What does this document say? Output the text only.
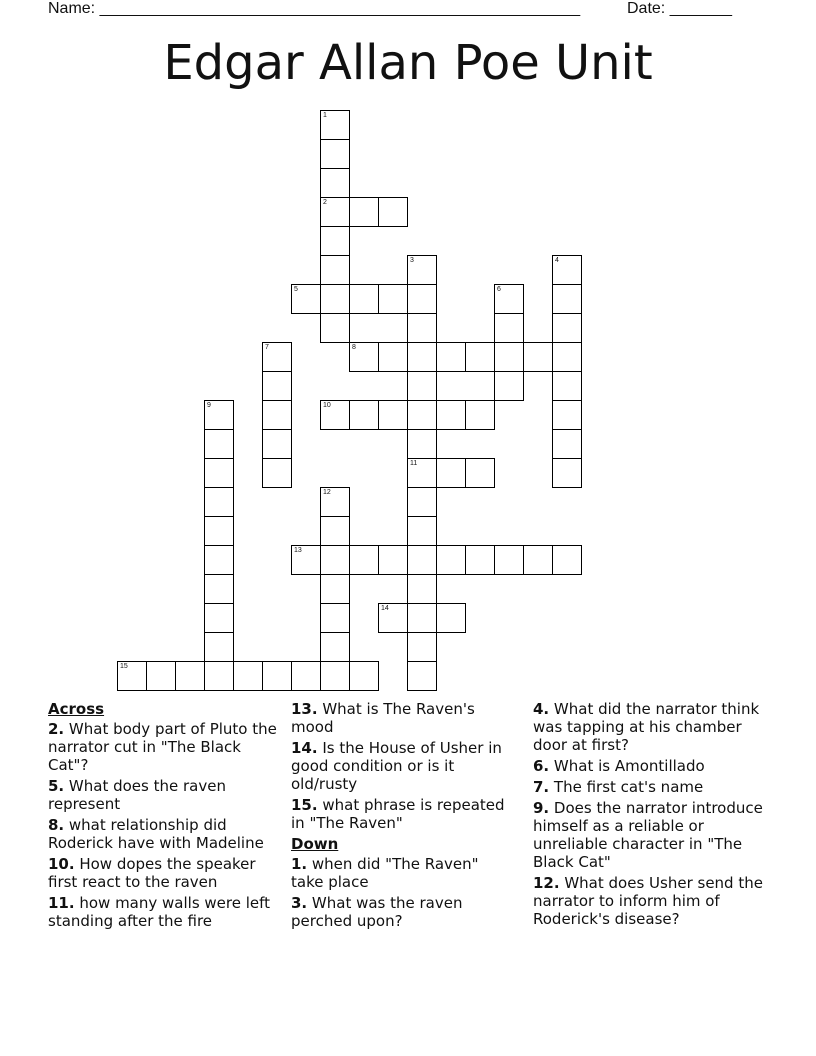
Name: ______________________________________________________	Date: _______
Edgar Allan Poe Unit
1
2
3
11
4
5	6
7	8
9	10
12
13
14
15
Across
2. What body part of Pluto the narrator cut in "The Black Cat"?
5. What does the raven represent
8. what relationship did Roderick have with Madeline
10. How dopes the speaker first react to the raven
11. how many walls were left standing after the fire
13. What is The Raven's mood
14. Is the House of Usher in good condition or is it old/rusty
15. what phrase is repeated in "The Raven"
Down
1. when did "The Raven" take place
3. What was the raven perched upon?
4. What did the narrator think was tapping at his chamber door at first?
6. What is Amontillado
7. The first cat's name
9. Does the narrator introduce himself as a reliable or unreliable character in "The Black Cat"
12. What does Usher send the narrator to inform him of Roderick's disease?
